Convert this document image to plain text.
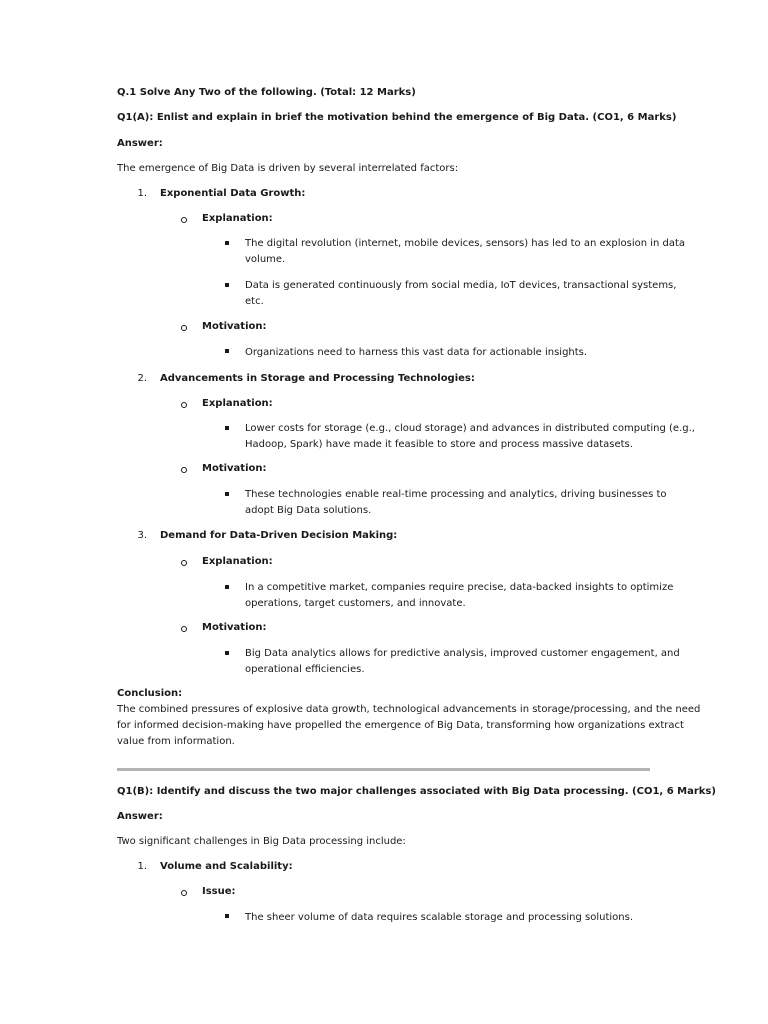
Q.1 Solve Any Two of the following. (Total: 12 Marks)
Q1(A): Enlist and explain in brief the motivation behind the emergence of Big Data. (CO1, 6 Marks)
Answer:
The emergence of Big Data is driven by several interrelated factors:
1. Exponential Data Growth:
Explanation:
The digital revolution (internet, mobile devices, sensors) has led to an explosion in data
volume.
Data is generated continuously from social media, IoT devices, transactional systems,
etc.
Motivation:
Organizations need to harness this vast data for actionable insights.
2. Advancements in Storage and Processing Technologies:
Explanation:
Lower costs for storage (e.g., cloud storage) and advances in distributed computing (e.g.,
Hadoop, Spark) have made it feasible to store and process massive datasets.
Motivation:
These technologies enable real-time processing and analytics, driving businesses to
adopt Big Data solutions.
3. Demand for Data-Driven Decision Making:
Explanation:
In a competitive market, companies require precise, data-backed insights to optimize
operations, target customers, and innovate.
Motivation:
Big Data analytics allows for predictive analysis, improved customer engagement, and
operational efficiencies.
Conclusion:
The combined pressures of explosive data growth, technological advancements in storage/processing, and the need
for informed decision-making have propelled the emergence of Big Data, transforming how organizations extract
value from information.
Q1(B): Identify and discuss the two major challenges associated with Big Data processing. (CO1, 6 Marks)
Answer:
Two significant challenges in Big Data processing include:
1. Volume and Scalability:
Issue:
The sheer volume of data requires scalable storage and processing solutions.
